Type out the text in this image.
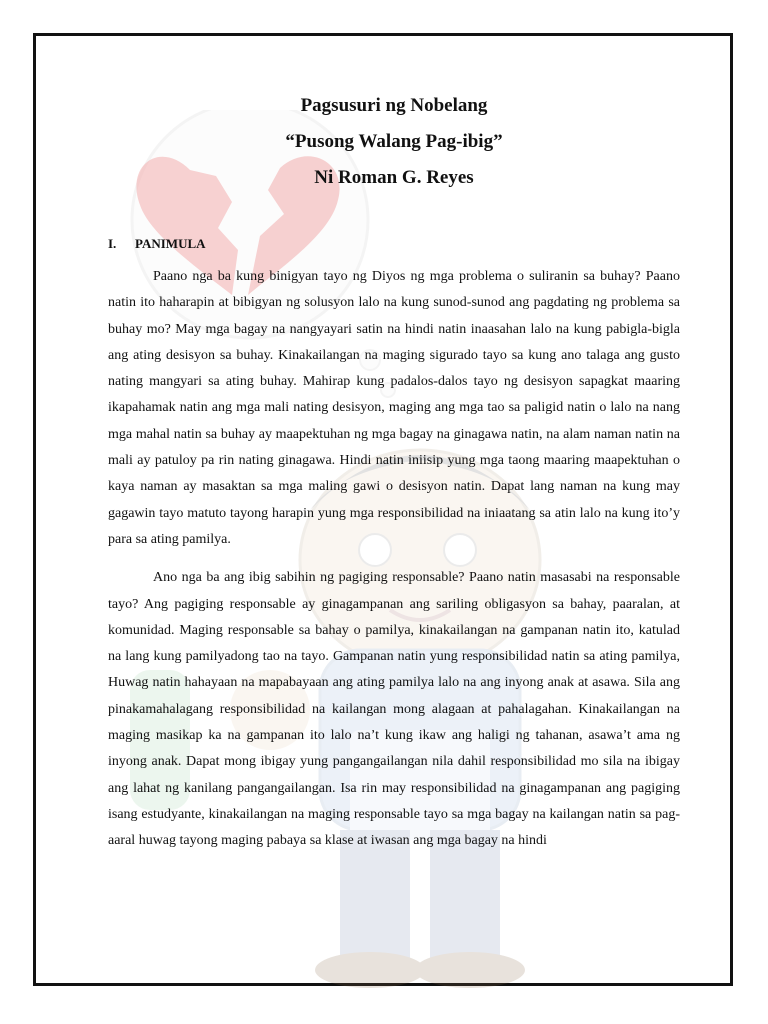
Pagsusuri ng Nobelang

“Pusong Walang Pag-ibig”

Ni Roman G. Reyes

I.	PANIMULA

Paano nga ba kung binigyan tayo ng Diyos ng mga problema o suliranin sa buhay? Paano natin ito haharapin at bibigyan ng solusyon lalo na kung sunod-sunod ang pagdating ng problema sa buhay mo? May mga bagay na nangyayari satin na hindi natin inaasahan lalo na kung pabigla-bigla ang ating desisyon sa buhay. Kinakailangan na maging sigurado tayo sa kung ano talaga ang gusto nating mangyari sa ating buhay. Mahirap kung padalos-dalos tayo ng desisyon sapagkat maaring ikapahamak natin ang mga mali nating desisyon, maging ang mga tao sa paligid natin o lalo na nang mga mahal natin sa buhay ay maapektuhan ng mga bagay na ginagawa natin, na alam naman natin na mali ay patuloy pa rin nating ginagawa. Hindi natin iniisip yung mga taong maaring maapektuhan o kaya naman ay masaktan sa mga maling gawi o desisyon natin. Dapat lang naman na kung may gagawin tayo matuto tayong harapin yung mga responsibilidad na iniaatang sa atin lalo na kung ito’y para sa ating pamilya.

Ano nga ba ang ibig sabihin ng pagiging responsable? Paano natin masasabi na responsable tayo? Ang pagiging responsable ay ginagampanan ang sariling obligasyon sa bahay, paaralan, at komunidad. Maging responsable sa bahay o pamilya, kinakailangan na gampanan natin ito, katulad na lang kung pamilyadong tao na tayo. Gampanan natin yung responsibilidad natin sa ating pamilya, Huwag natin hahayaan na mapabayaan ang ating pamilya lalo na ang inyong anak at asawa. Sila ang pinakamahalagang responsibilidad na kailangan mong alagaan at pahalagahan. Kinakailangan na maging masikap ka na gampanan ito lalo na’t kung ikaw ang haligi ng tahanan, asawa’t ama ng inyong anak. Dapat mong ibigay yung pangangailangan nila dahil responsibilidad mo sila na ibigay ang lahat ng kanilang pangangailangan. Isa rin may responsibilidad na ginagampanan ang pagiging isang estudyante, kinakailangan na maging responsable tayo sa mga bagay na kailangan natin sa pag-aaral huwag tayong maging pabaya sa klase at iwasan ang mga bagay na hindi
